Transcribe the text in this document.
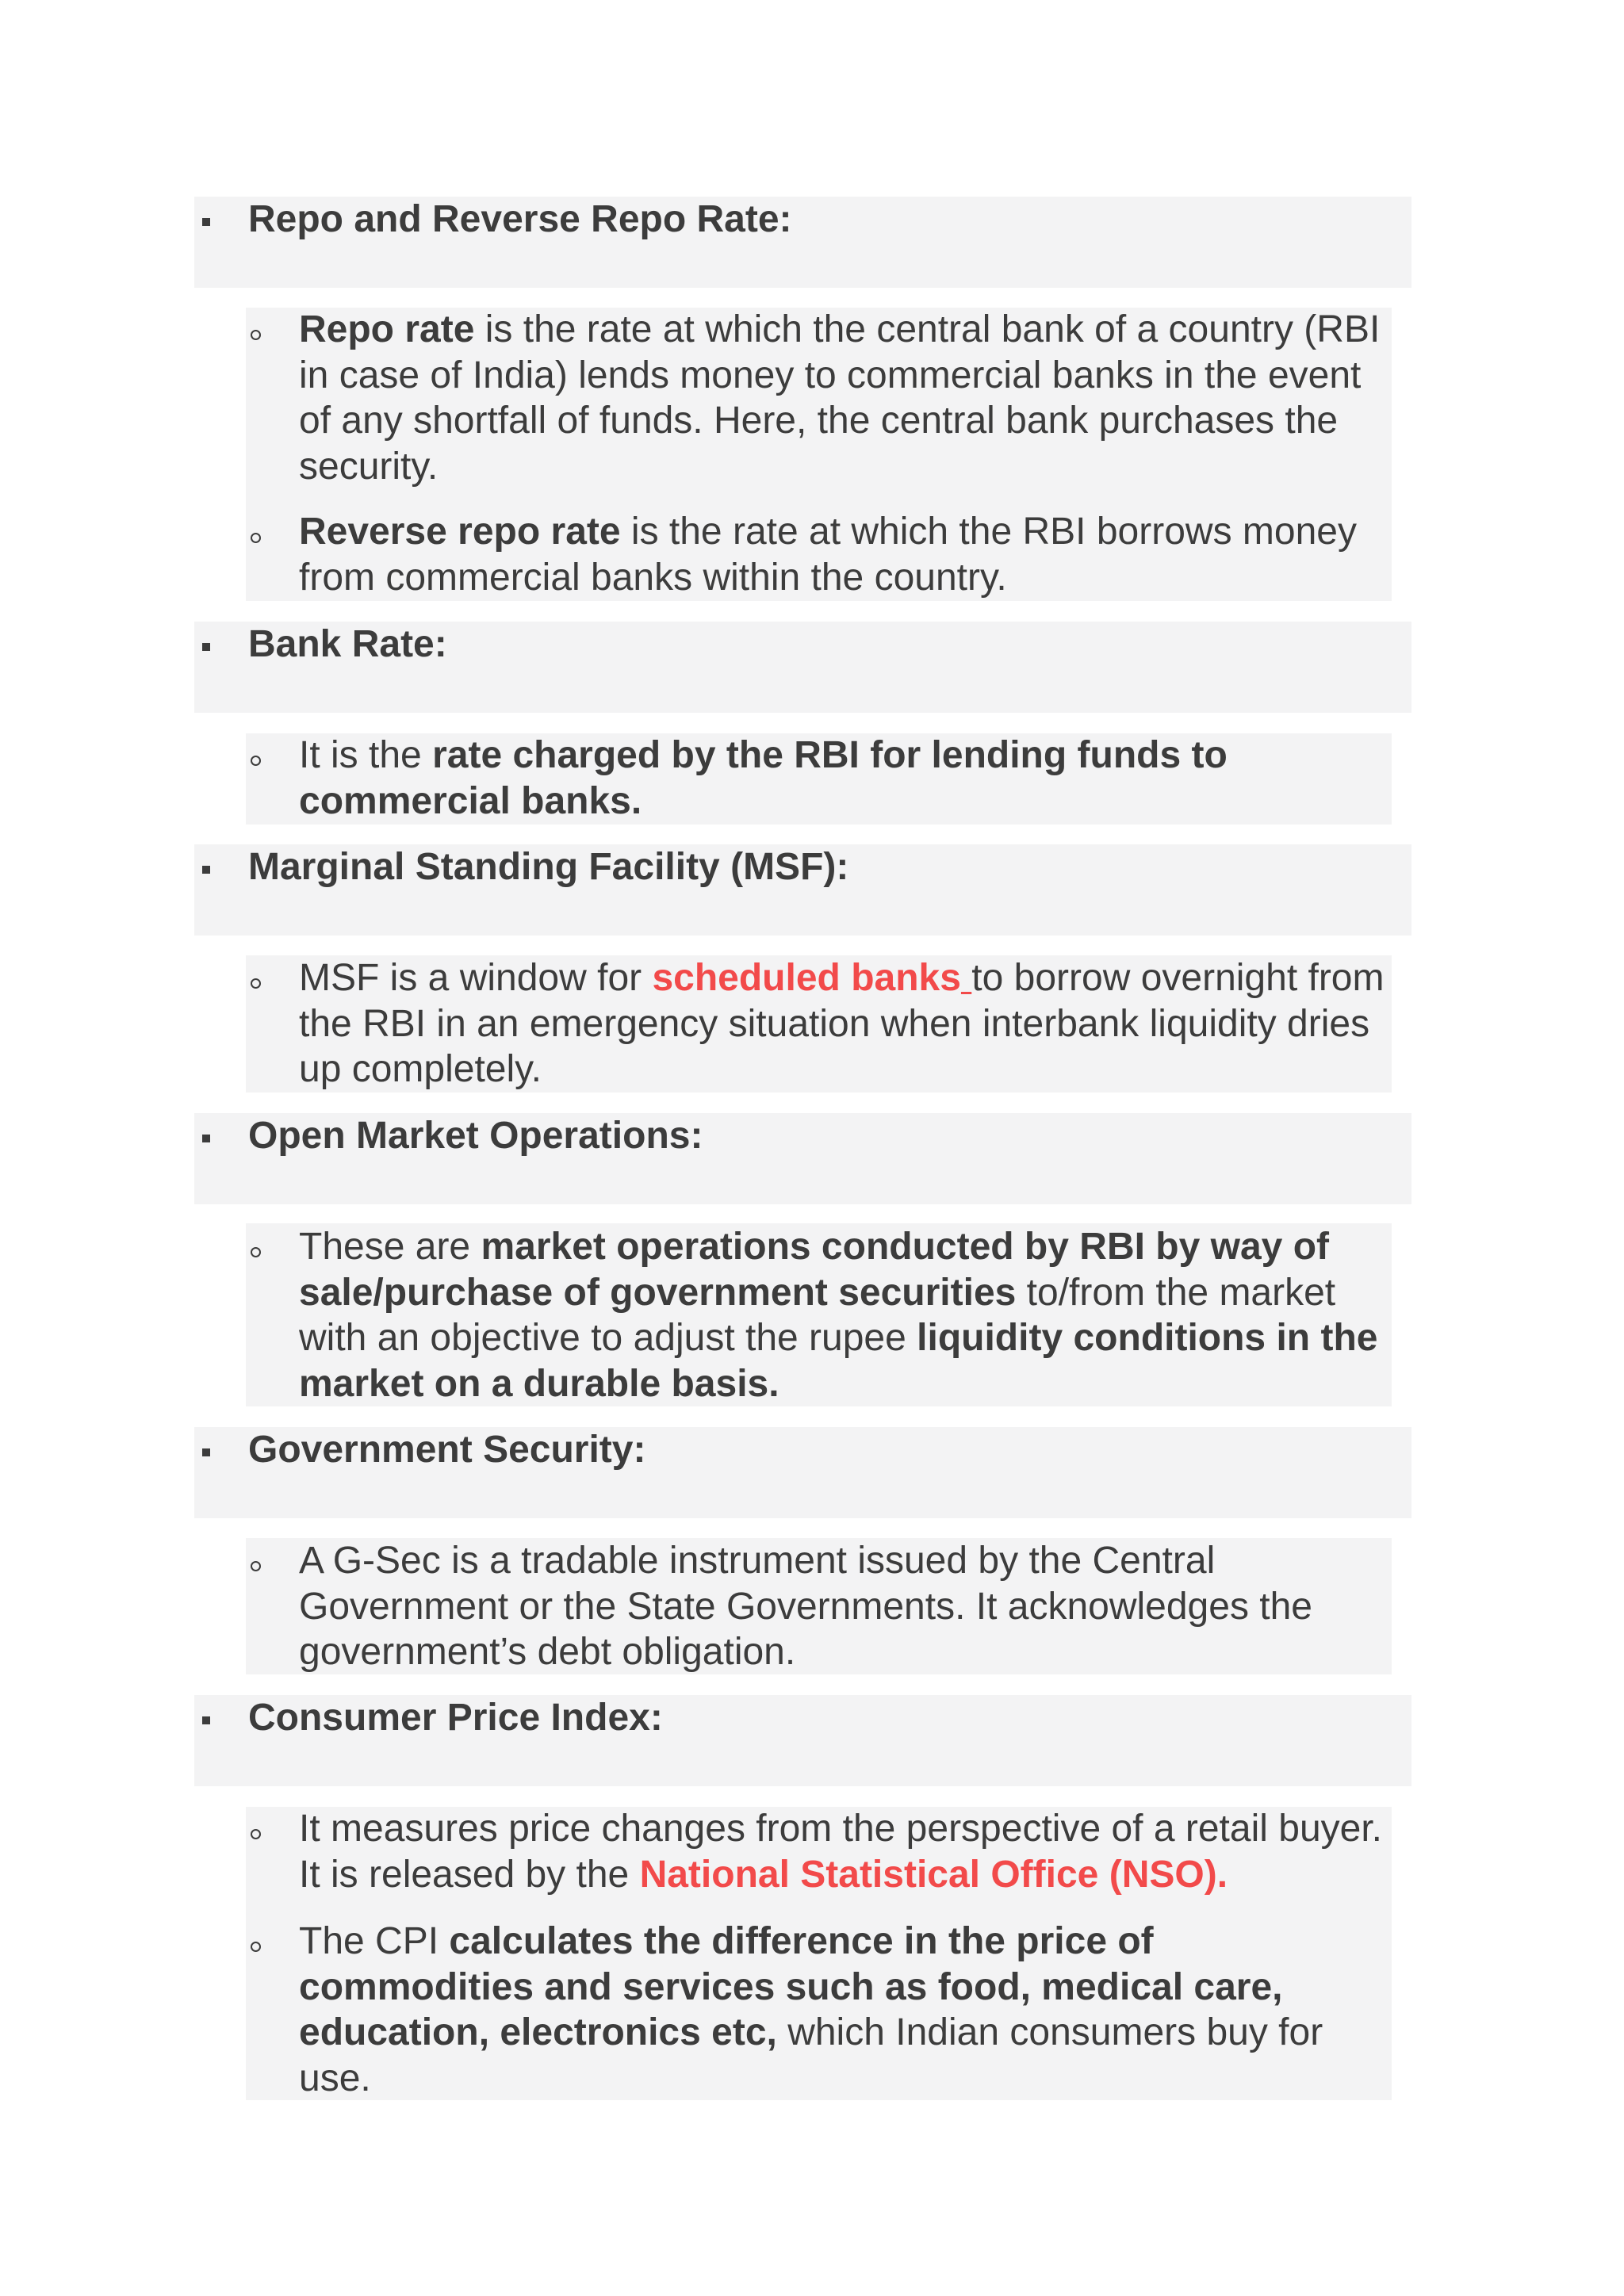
Repo and Reverse Repo Rate:

Repo rate is the rate at which the central bank of a country (RBI in case of India) lends money to commercial banks in the event of any shortfall of funds. Here, the central bank purchases the security.

Reverse repo rate is the rate at which the RBI borrows money from commercial banks within the country.

Bank Rate:

It is the rate charged by the RBI for lending funds to commercial banks.

Marginal Standing Facility (MSF):

MSF is a window for scheduled banks to borrow overnight from the RBI in an emergency situation when interbank liquidity dries up completely.

Open Market Operations:

These are market operations conducted by RBI by way of sale/purchase of government securities to/from the market with an objective to adjust the rupee liquidity conditions in the market on a durable basis.

Government Security:

A G-Sec is a tradable instrument issued by the Central Government or the State Governments. It acknowledges the government’s debt obligation.

Consumer Price Index:

It measures price changes from the perspective of a retail buyer. It is released by the National Statistical Office (NSO).

The CPI calculates the difference in the price of commodities and services such as food, medical care, education, electronics etc, which Indian consumers buy for use.
